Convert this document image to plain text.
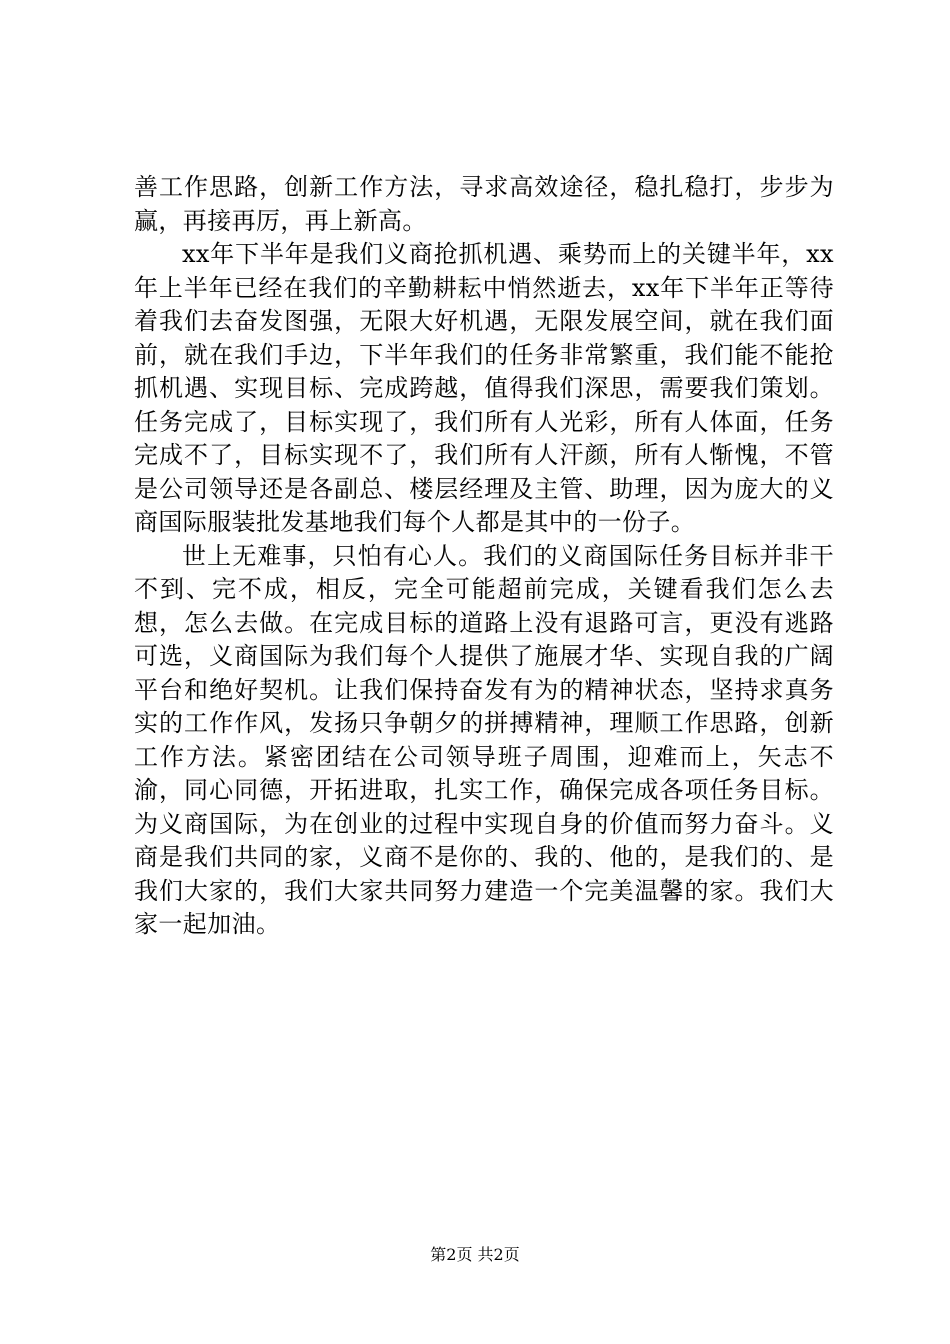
善工作思路，创新工作方法，寻求高效途径，稳扎稳打，步步为赢，再接再厉，再上新高。

xx年下半年是我们义商抢抓机遇、乘势而上的关键半年，xx年上半年已经在我们的辛勤耕耘中悄然逝去，xx年下半年正等待着我们去奋发图强，无限大好机遇，无限发展空间，就在我们面前，就在我们手边，下半年我们的任务非常繁重，我们能不能抢抓机遇、实现目标、完成跨越，值得我们深思，需要我们策划。任务完成了，目标实现了，我们所有人光彩，所有人体面，任务完成不了，目标实现不了，我们所有人汗颜，所有人惭愧，不管是公司领导还是各副总、楼层经理及主管、助理，因为庞大的义商国际服装批发基地我们每个人都是其中的一份子。

世上无难事，只怕有心人。我们的义商国际任务目标并非干不到、完不成，相反，完全可能超前完成，关键看我们怎么去想，怎么去做。在完成目标的道路上没有退路可言，更没有逃路可选，义商国际为我们每个人提供了施展才华、实现自我的广阔平台和绝好契机。让我们保持奋发有为的精神状态，坚持求真务实的工作作风，发扬只争朝夕的拼搏精神，理顺工作思路，创新工作方法。紧密团结在公司领导班子周围，迎难而上，矢志不渝，同心同德，开拓进取，扎实工作，确保完成各项任务目标。为义商国际，为在创业的过程中实现自身的价值而努力奋斗。义商是我们共同的家，义商不是你的、我的、他的，是我们的、是我们大家的，我们大家共同努力建造一个完美温馨的家。我们大家一起加油。

第2页 共2页
